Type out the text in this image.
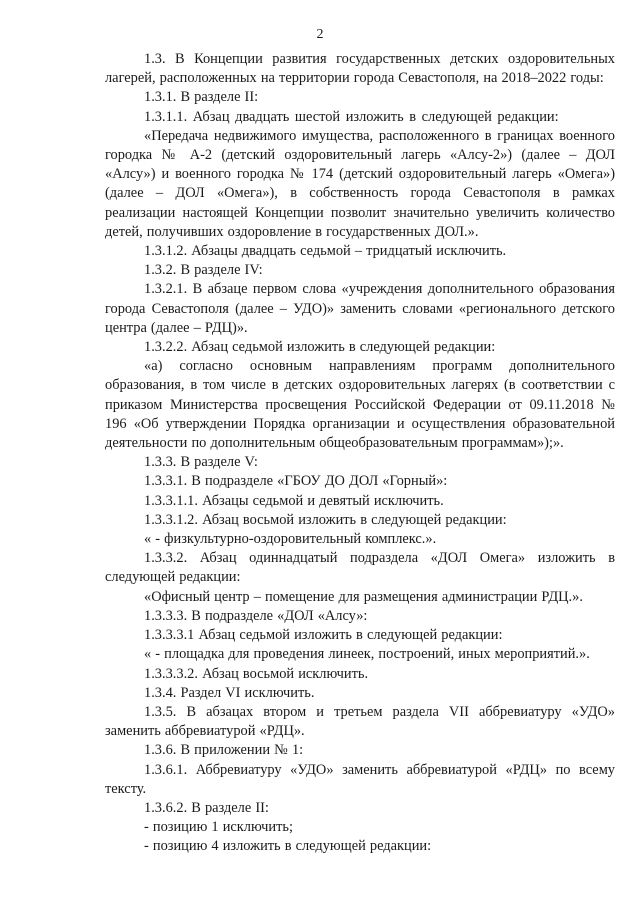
2

1.3. В Концепции развития государственных детских оздоровительных лагерей, расположенных на территории города Севастополя, на 2018–2022 годы:

1.3.1. В разделе II:

1.3.1.1. Абзац двадцать шестой изложить в следующей редакции:

«Передача недвижимого имущества, расположенного в границах военного городка № А-2 (детский оздоровительный лагерь «Алсу-2») (далее – ДОЛ «Алсу») и военного городка № 174 (детский оздоровительный лагерь «Омега») (далее – ДОЛ «Омега»), в собственность города Севастополя в рамках реализации настоящей Концепции позволит значительно увеличить количество детей, получивших оздоровление в государственных ДОЛ.».

1.3.1.2. Абзацы двадцать седьмой – тридцатый исключить.

1.3.2. В разделе IV:

1.3.2.1. В абзаце первом слова «учреждения дополнительного образования города Севастополя (далее – УДО)» заменить словами «регионального детского центра (далее – РДЦ)».

1.3.2.2. Абзац седьмой изложить в следующей редакции:

«а) согласно основным направлениям программ дополнительного образования, в том числе в детских оздоровительных лагерях (в соответствии с приказом Министерства просвещения Российской Федерации от 09.11.2018 № 196 «Об утверждении Порядка организации и осуществления образовательной деятельности по дополнительным общеобразовательным программам»);».

1.3.3. В разделе V:

1.3.3.1. В подразделе «ГБОУ ДО ДОЛ «Горный»:

1.3.3.1.1. Абзацы седьмой и девятый исключить.

1.3.3.1.2. Абзац восьмой изложить в следующей редакции:

« - физкультурно-оздоровительный комплекс.».

1.3.3.2. Абзац одиннадцатый подраздела «ДОЛ Омега» изложить в следующей редакции:

«Офисный центр – помещение для размещения администрации РДЦ.».

1.3.3.3. В подразделе «ДОЛ «Алсу»:

1.3.3.3.1 Абзац седьмой изложить в следующей редакции:

« - площадка для проведения линеек, построений, иных мероприятий.».

1.3.3.3.2. Абзац восьмой исключить.

1.3.4. Раздел VI исключить.

1.3.5. В абзацах втором и третьем раздела VII аббревиатуру «УДО» заменить аббревиатурой «РДЦ».

1.3.6. В приложении № 1:

1.3.6.1. Аббревиатуру «УДО» заменить аббревиатурой «РДЦ» по всему тексту.

1.3.6.2. В разделе II:

- позицию 1 исключить;

- позицию 4 изложить в следующей редакции:
